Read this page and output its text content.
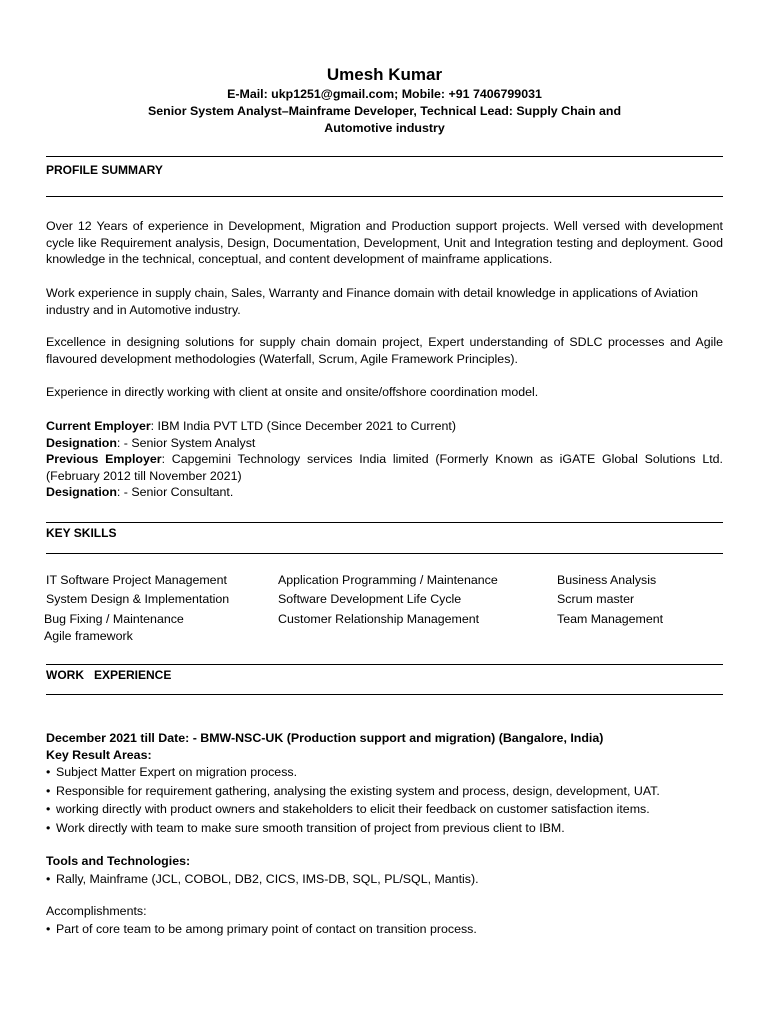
Umesh Kumar
E-Mail: ukp1251@gmail.com; Mobile: +91 7406799031
Senior System Analyst–Mainframe Developer, Technical Lead: Supply Chain and
Automotive industry
PROFILE SUMMARY

Over 12 Years of experience in Development, Migration and Production support projects. Well versed with development cycle like Requirement analysis, Design, Documentation, Development, Unit and Integration testing and deployment. Good knowledge in the technical, conceptual, and content development of mainframe applications.

Work experience in supply chain, Sales, Warranty and Finance domain with detail knowledge in applications of Aviation industry and in Automotive industry.

Excellence in designing solutions for supply chain domain project, Expert understanding of SDLC processes and Agile flavoured development methodologies (Waterfall, Scrum, Agile Framework Principles).

Experience in directly working with client at onsite and onsite/offshore coordination model.

Current Employer: IBM India PVT LTD (Since December 2021 to Current)

Designation: - Senior System Analyst

Previous Employer: Capgemini Technology services India limited (Formerly Known as iGATE Global Solutions Ltd. (February 2012 till November 2021)

Designation: - Senior Consultant.

KEY SKILLS
IT Software Project Management
System Design & Implementation
Bug Fixing / Maintenance
Agile framework
Application Programming / Maintenance
Software Development Life Cycle
Customer Relationship Management
Business Analysis
Scrum master
Team Management
WORK   EXPERIENCE

December 2021 till Date: - BMW-NSC-UK (Production support and migration) (Bangalore, India)

Key Result Areas:

• Subject Matter Expert on migration process.
• Responsible for requirement gathering, analysing the existing system and process, design, development, UAT.
• working directly with product owners and stakeholders to elicit their feedback on customer satisfaction items.
• Work directly with team to make sure smooth transition of project from previous client to IBM.

Tools and Technologies:

• Rally, Mainframe (JCL, COBOL, DB2, CICS, IMS-DB, SQL, PL/SQL, Mantis).

Accomplishments:

• Part of core team to be among primary point of contact on transition process.
